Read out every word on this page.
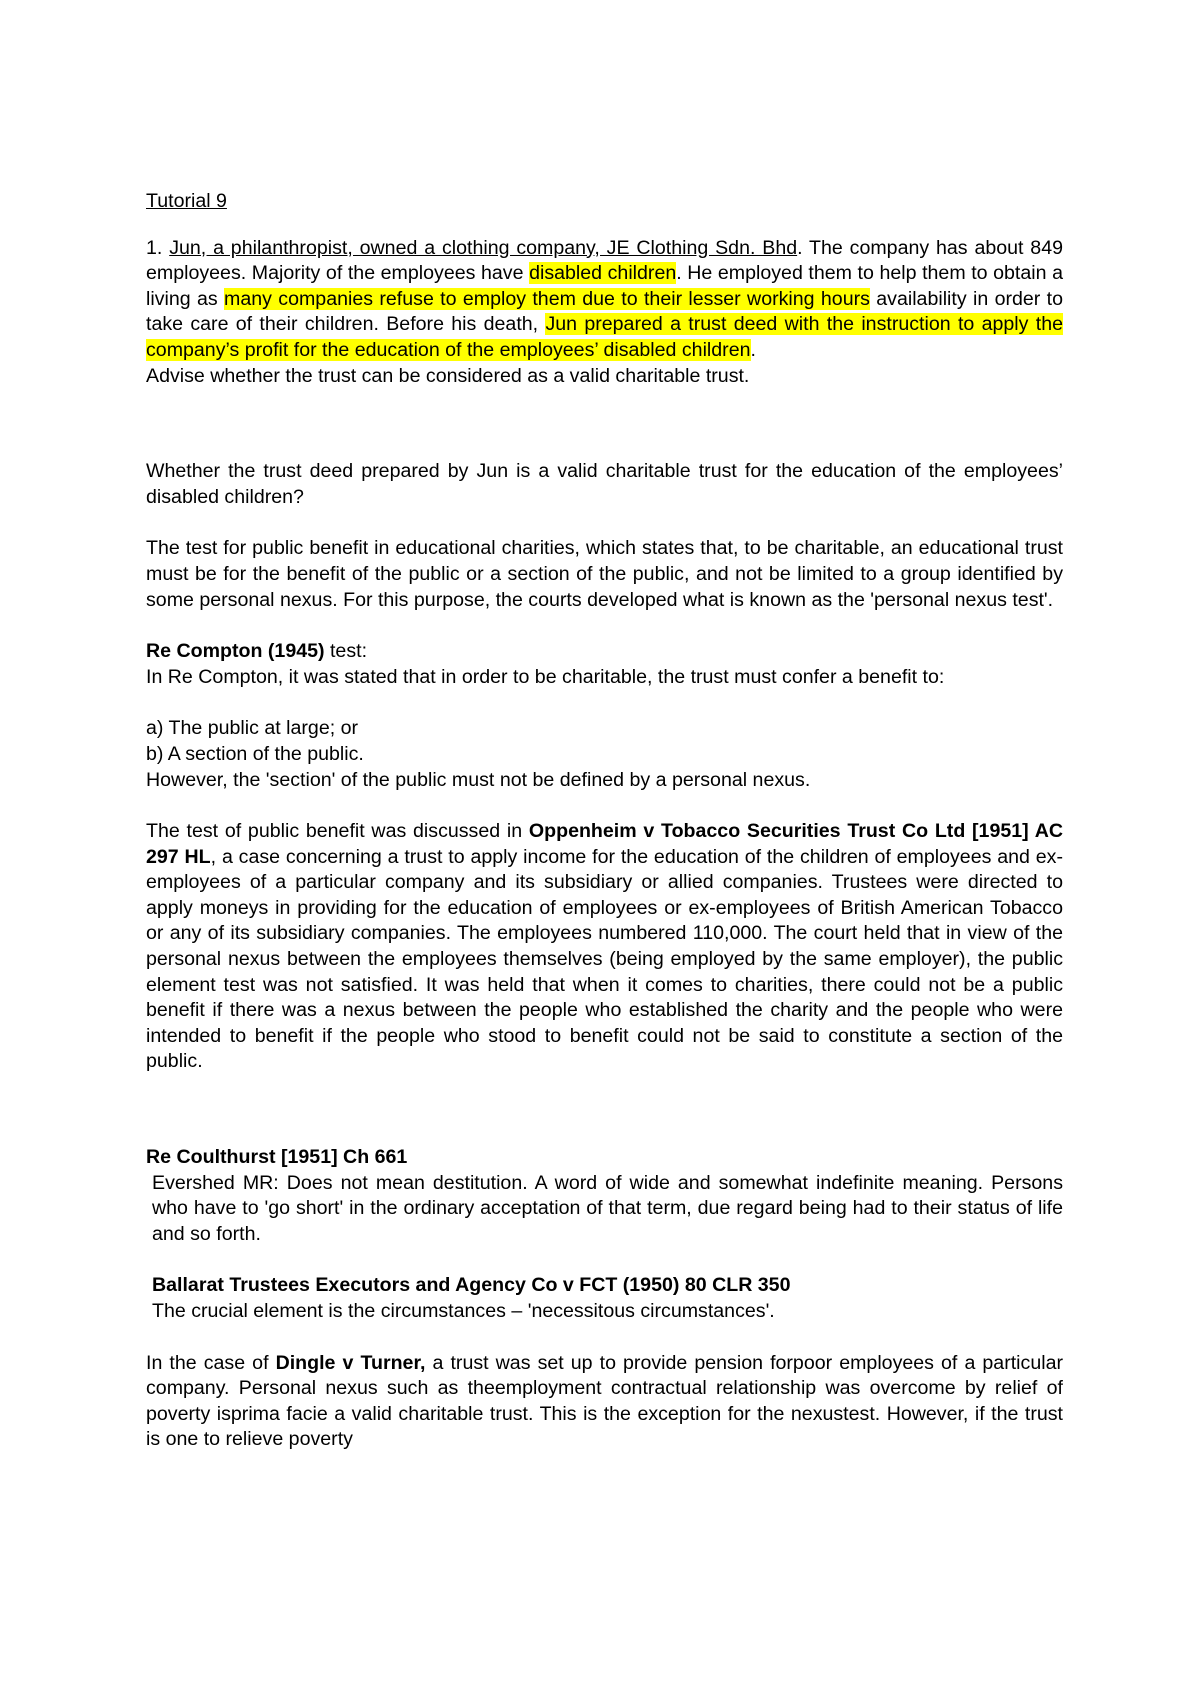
Tutorial 9

1. Jun, a philanthropist, owned a clothing company, JE Clothing Sdn. Bhd. The company has about 849 employees. Majority of the employees have disabled children. He employed them to help them to obtain a living as many companies refuse to employ them due to their lesser working hours availability in order to take care of their children. Before his death, Jun prepared a trust deed with the instruction to apply the company’s profit for the education of the employees’ disabled children.

Advise whether the trust can be considered as a valid charitable trust.

Whether the trust deed prepared by Jun is a valid charitable trust for the education of the employees’ disabled children?

The test for public benefit in educational charities, which states that, to be charitable, an educational trust must be for the benefit of the public or a section of the public, and not be limited to a group identified by some personal nexus. For this purpose, the courts developed what is known as the 'personal nexus test'.

Re Compton (1945) test:

In Re Compton, it was stated that in order to be charitable, the trust must confer a benefit to:

a) The public at large; or

b) A section of the public.

However, the 'section' of the public must not be defined by a personal nexus.

The test of public benefit was discussed in Oppenheim v Tobacco Securities Trust Co Ltd [1951] AC 297 HL, a case concerning a trust to apply income for the education of the children of employees and ex-employees of a particular company and its subsidiary or allied companies. Trustees were directed to apply moneys in providing for the education of employees or ex-employees of British American Tobacco or any of its subsidiary companies. The employees numbered 110,000. The court held that in view of the personal nexus between the employees themselves (being employed by the same employer), the public element test was not satisfied. It was held that when it comes to charities, there could not be a public benefit if there was a nexus between the people who established the charity and the people who were intended to benefit if the people who stood to benefit could not be said to constitute a section of the public.

Re Coulthurst [1951] Ch 661

Evershed MR: Does not mean destitution. A word of wide and somewhat indefinite meaning. Persons who have to 'go short' in the ordinary acceptation of that term, due regard being had to their status of life and so forth.

Ballarat Trustees Executors and Agency Co v FCT (1950) 80 CLR 350

The crucial element is the circumstances – 'necessitous circumstances'.

In the case of Dingle v Turner, a trust was set up to provide pension forpoor employees of a particular company. Personal nexus such as theemployment contractual relationship was overcome by relief of poverty isprima facie a valid charitable trust. This is the exception for the nexustest. However, if the trust is one to relieve poverty
